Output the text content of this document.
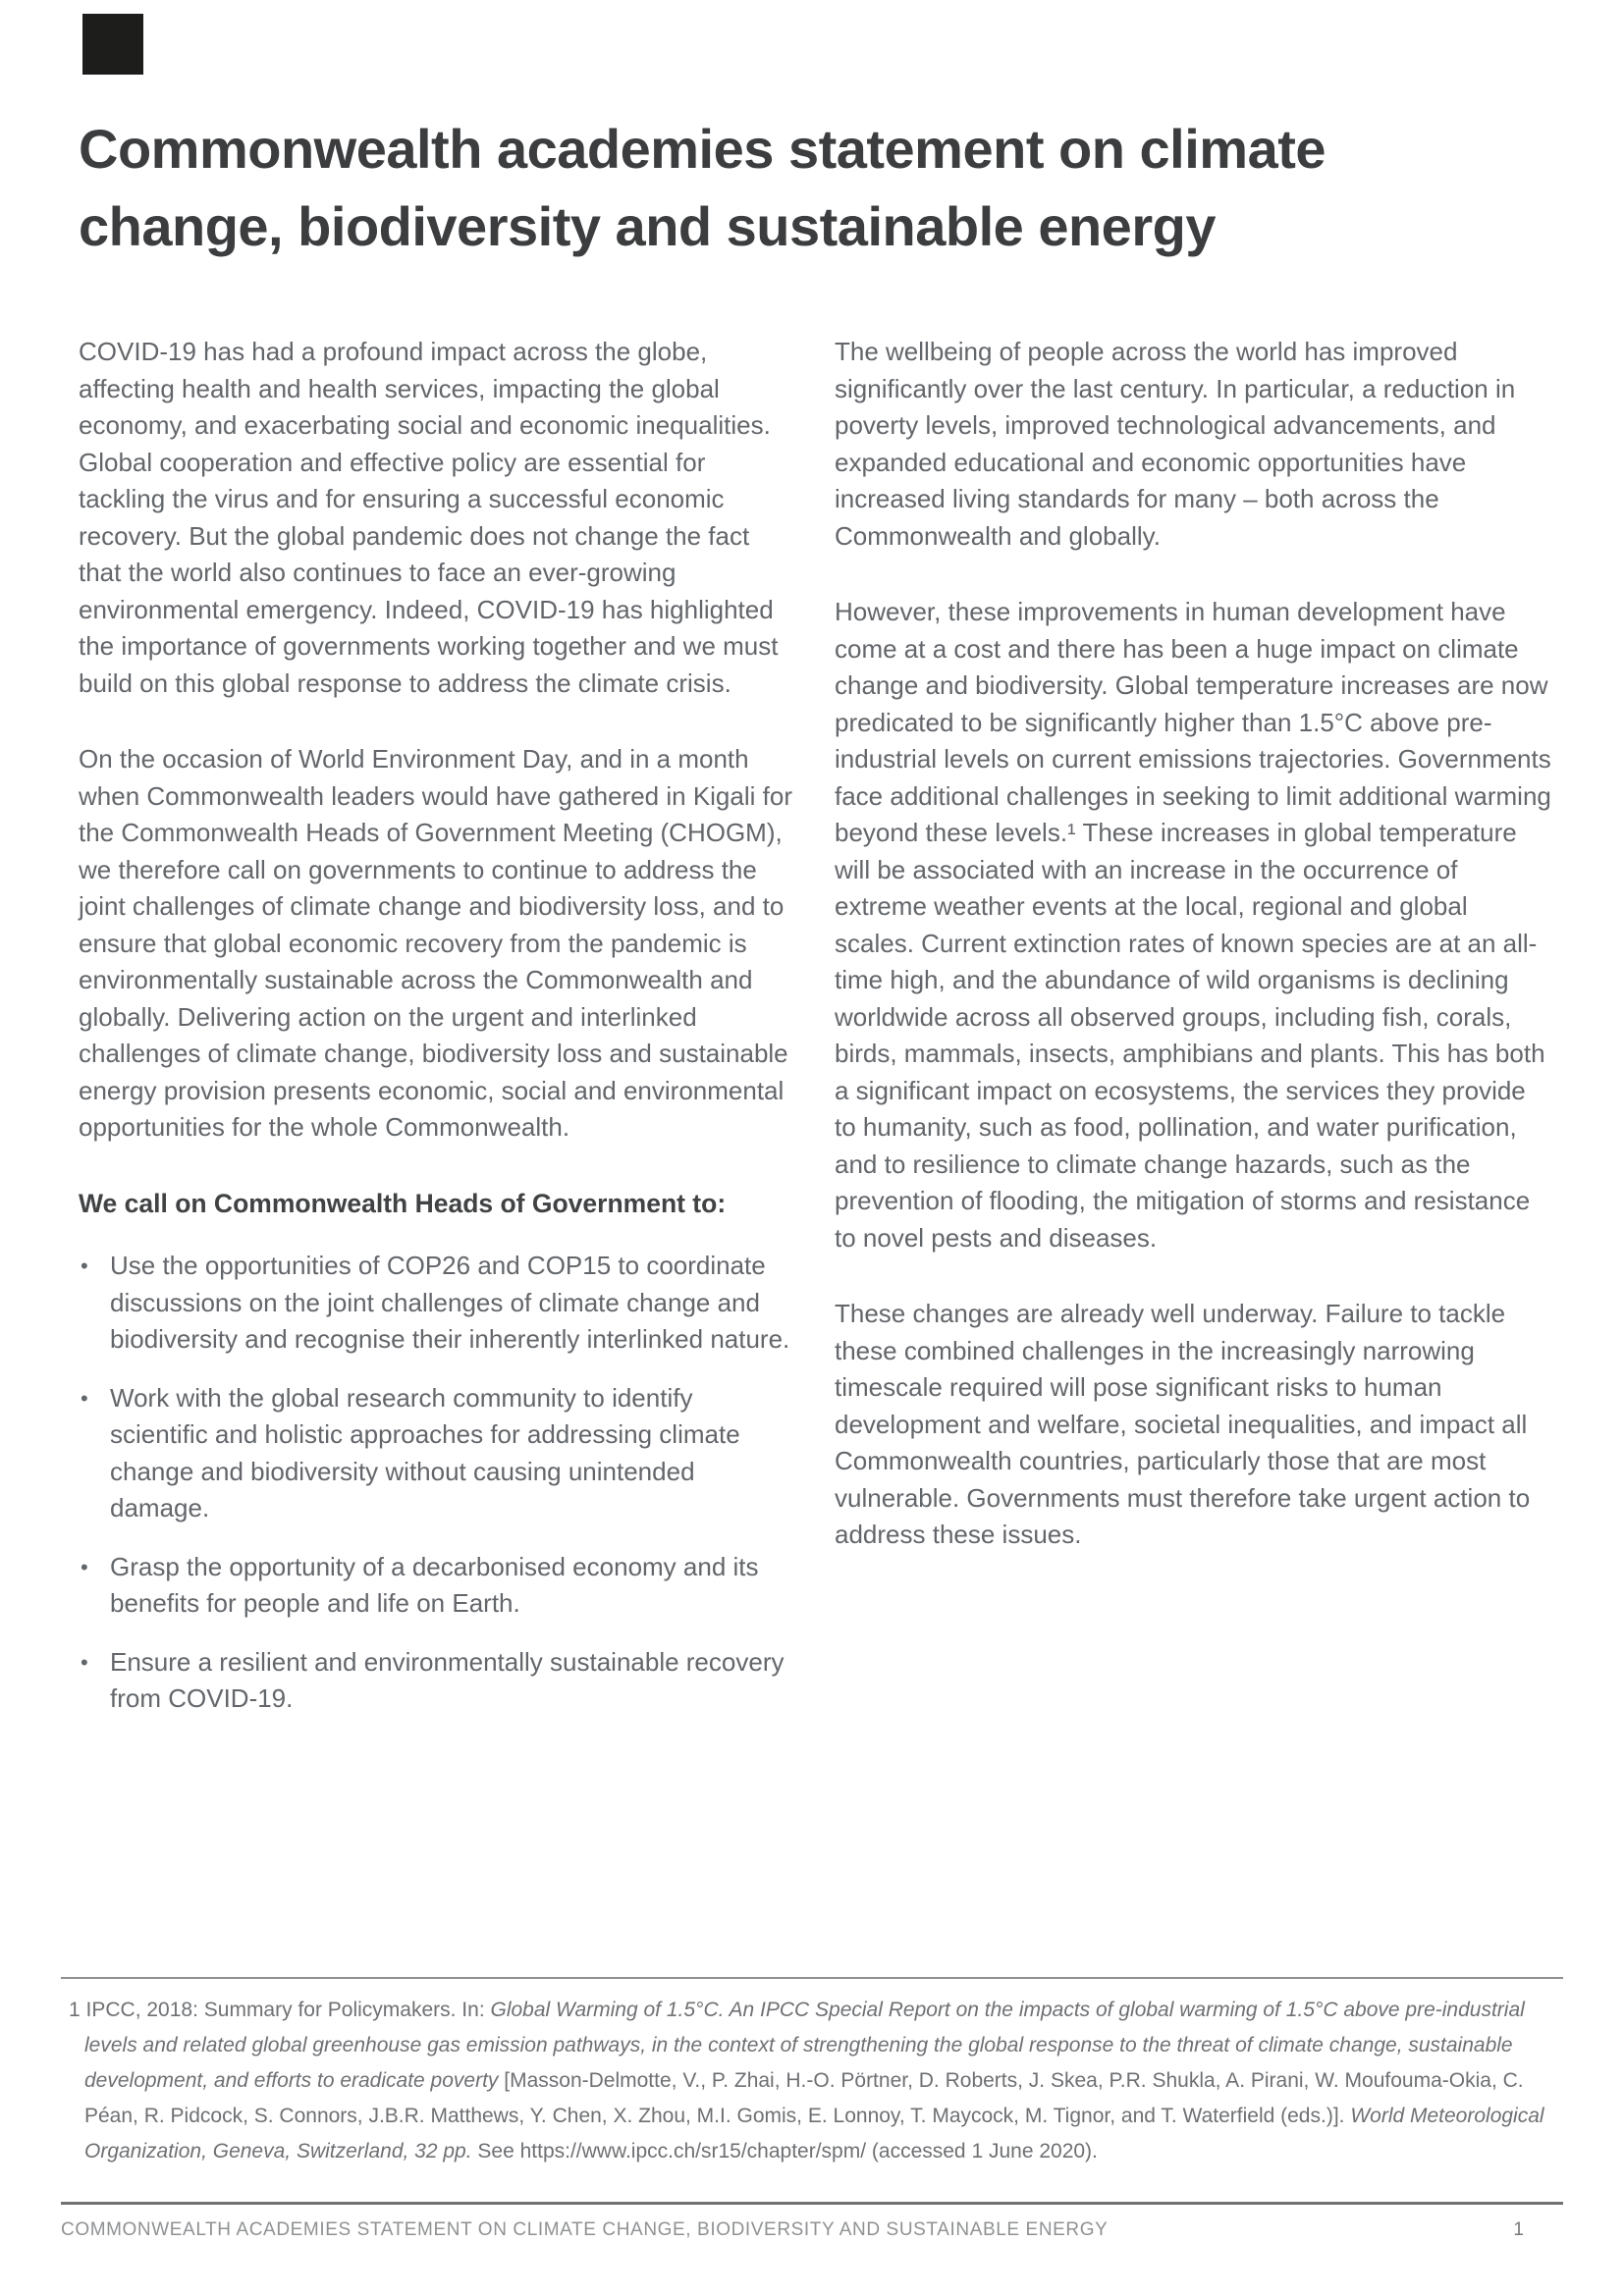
Commonwealth academies statement on climate
change, biodiversity and sustainable energy

COVID-19 has had a profound impact across the globe, affecting health and health services, impacting the global economy, and exacerbating social and economic inequalities. Global cooperation and effective policy are essential for tackling the virus and for ensuring a successful economic recovery. But the global pandemic does not change the fact that the world also continues to face an ever-growing environmental emergency. Indeed, COVID-19 has highlighted the importance of governments working together and we must build on this global response to address the climate crisis.

On the occasion of World Environment Day, and in a month when Commonwealth leaders would have gathered in Kigali for the Commonwealth Heads of Government Meeting (CHOGM), we therefore call on governments to continue to address the joint challenges of climate change and biodiversity loss, and to ensure that global economic recovery from the pandemic is environmentally sustainable across the Commonwealth and globally. Delivering action on the urgent and interlinked challenges of climate change, biodiversity loss and sustainable energy provision presents economic, social and environmental opportunities for the whole Commonwealth.

We call on Commonwealth Heads of Government to:
• Use the opportunities of COP26 and COP15 to coordinate discussions on the joint challenges of climate change and biodiversity and recognise their inherently interlinked nature.
• Work with the global research community to identify scientific and holistic approaches for addressing climate change and biodiversity without causing unintended damage.
• Grasp the opportunity of a decarbonised economy and its benefits for people and life on Earth.
• Ensure a resilient and environmentally sustainable recovery from COVID-19.

The wellbeing of people across the world has improved significantly over the last century. In particular, a reduction in poverty levels, improved technological advancements, and expanded educational and economic opportunities have increased living standards for many – both across the Commonwealth and globally.

However, these improvements in human development have come at a cost and there has been a huge impact on climate change and biodiversity. Global temperature increases are now predicated to be significantly higher than 1.5°C above pre-industrial levels on current emissions trajectories. Governments face additional challenges in seeking to limit additional warming beyond these levels.¹ These increases in global temperature will be associated with an increase in the occurrence of extreme weather events at the local, regional and global scales. Current extinction rates of known species are at an all-time high, and the abundance of wild organisms is declining worldwide across all observed groups, including fish, corals, birds, mammals, insects, amphibians and plants. This has both a significant impact on ecosystems, the services they provide to humanity, such as food, pollination, and water purification, and to resilience to climate change hazards, such as the prevention of flooding, the mitigation of storms and resistance to novel pests and diseases.

These changes are already well underway. Failure to tackle these combined challenges in the increasingly narrowing timescale required will pose significant risks to human development and welfare, societal inequalities, and impact all Commonwealth countries, particularly those that are most vulnerable. Governments must therefore take urgent action to address these issues.

1 IPCC, 2018: Summary for Policymakers. In: Global Warming of 1.5°C. An IPCC Special Report on the impacts of global warming of 1.5°C above pre-industrial levels and related global greenhouse gas emission pathways, in the context of strengthening the global response to the threat of climate change, sustainable development, and efforts to eradicate poverty [Masson-Delmotte, V., P. Zhai, H.-O. Pörtner, D. Roberts, J. Skea, P.R. Shukla, A. Pirani, W. Moufouma-Okia, C. Péan, R. Pidcock, S. Connors, J.B.R. Matthews, Y. Chen, X. Zhou, M.I. Gomis, E. Lonnoy, T. Maycock, M. Tignor, and T. Waterfield (eds.)]. World Meteorological Organization, Geneva, Switzerland, 32 pp. See https://www.ipcc.ch/sr15/chapter/spm/ (accessed 1 June 2020).
COMMONWEALTH ACADEMIES STATEMENT ON CLIMATE CHANGE, BIODIVERSITY AND SUSTAINABLE ENERGY	1
